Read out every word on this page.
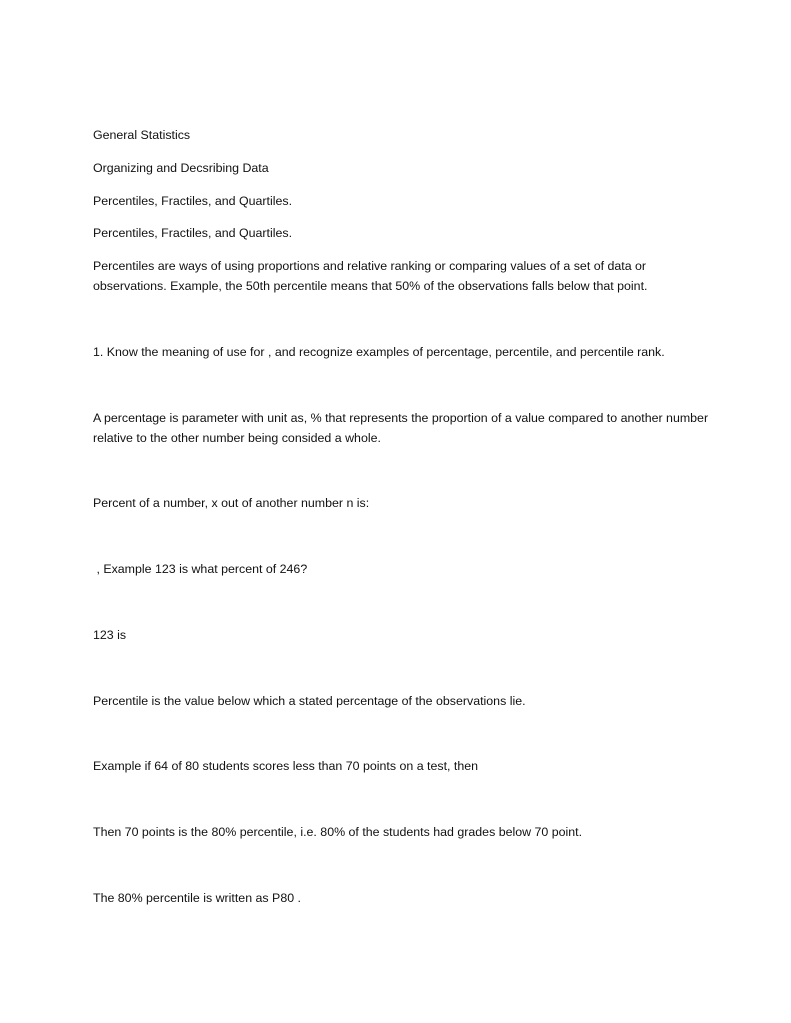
General Statistics

Organizing and Decsribing Data

Percentiles, Fractiles, and Quartiles.

Percentiles, Fractiles, and Quartiles.

Percentiles are ways of using proportions and relative ranking or comparing values of a set of data or observations. Example, the 50th percentile means that 50% of the observations falls below that point.

1. Know the meaning of use for , and recognize examples of percentage, percentile, and percentile rank.

A percentage is parameter with unit as, % that represents the proportion of a value compared to another number relative to the other number being consided a whole.

Percent of a number, x out of another number n is:

, Example 123 is what percent of 246?

123 is

Percentile is the value below which a stated percentage of the observations lie.

Example if 64 of 80 students scores less than 70 points on a test, then

Then 70 points is the 80% percentile, i.e. 80% of the students had grades below 70 point.

The 80% percentile is written as P80 .
